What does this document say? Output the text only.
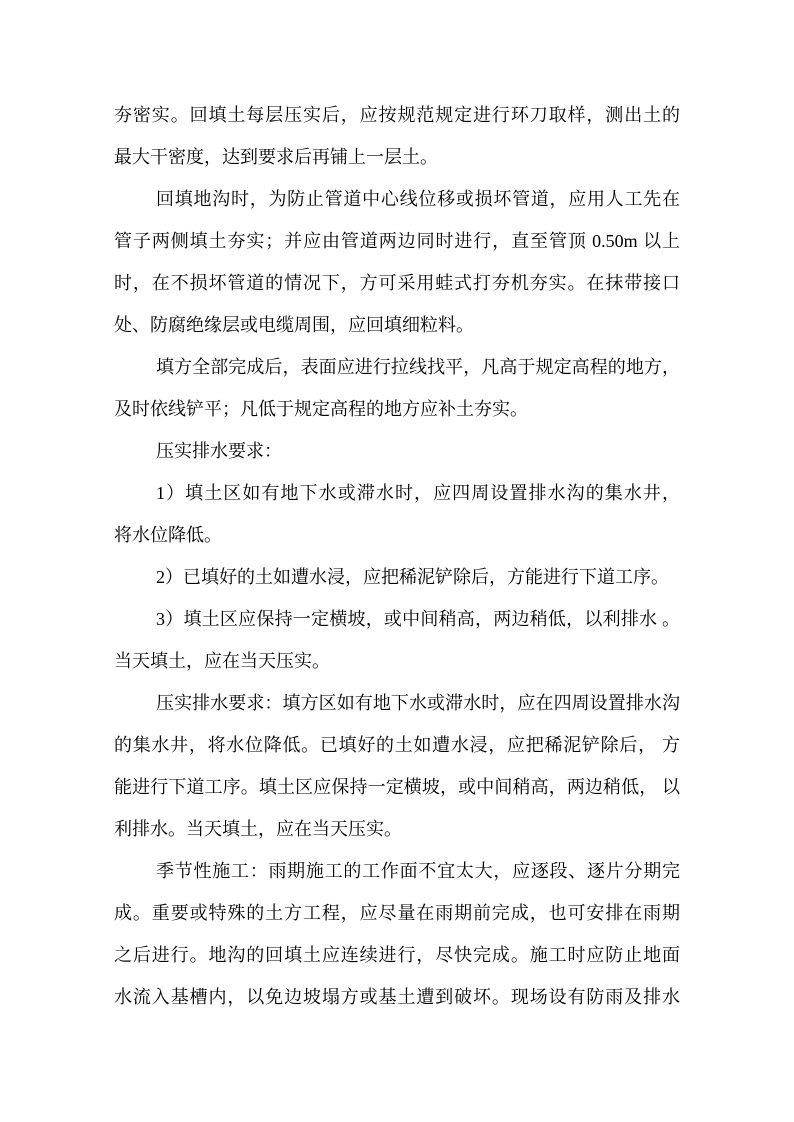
夯密实。回填土每层压实后，应按规范规定进行环刀取样，测出土的
最大干密度，达到要求后再铺上一层土。
回填地沟时，为防止管道中心线位移或损坏管道，应用人工先在
管子两侧填土夯实；并应由管道两边同时进行，直至管顶 0.50m 以上
时，在不损坏管道的情况下，方可采用蛙式打夯机夯实。在抹带接口
处、防腐绝缘层或电缆周围，应回填细粒料。
填方全部完成后，表面应进行拉线找平，凡高于规定高程的地方，
及时依线铲平；凡低于规定高程的地方应补土夯实。
压实排水要求：
1）填土区如有地下水或滞水时，应四周设置排水沟的集水井，
将水位降低。
2）已填好的土如遭水浸，应把稀泥铲除后，方能进行下道工序。
3）填土区应保持一定横坡，或中间稍高，两边稍低，以利排水 。
当天填土，应在当天压实。
压实排水要求：填方区如有地下水或滞水时，应在四周设置排水沟
的集水井，将水位降低。已填好的土如遭水浸，应把稀泥铲除后， 方
能进行下道工序。填土区应保持一定横坡，或中间稍高，两边稍低， 以
利排水。当天填土，应在当天压实。
季节性施工：雨期施工的工作面不宜太大，应逐段、逐片分期完
成。重要或特殊的土方工程，应尽量在雨期前完成，也可安排在雨期
之后进行。地沟的回填土应连续进行，尽快完成。施工时应防止地面
水流入基槽内，以免边坡塌方或基土遭到破坏。现场设有防雨及排水
